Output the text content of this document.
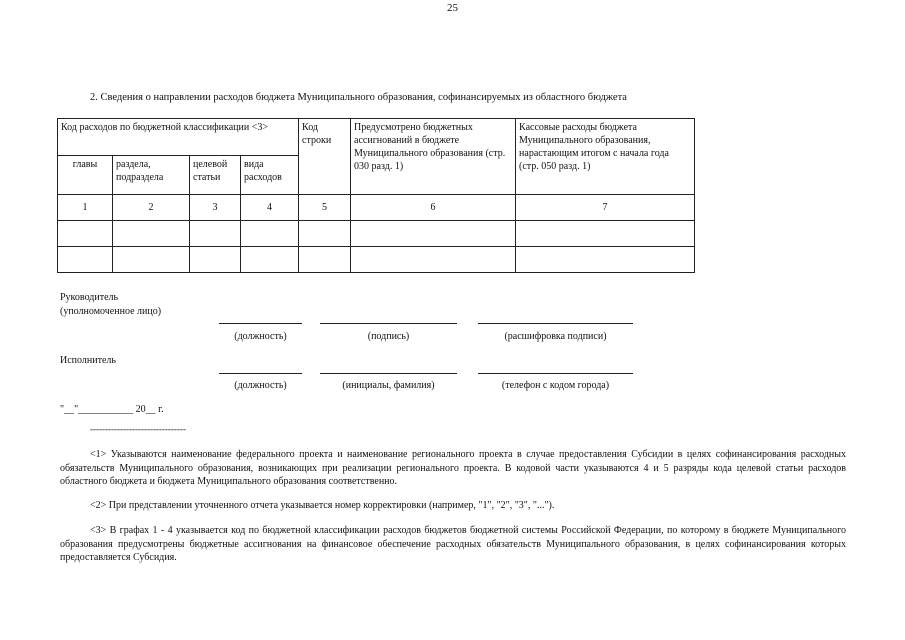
25
2. Сведения о направлении расходов бюджета Муниципального образования, софинансируемых из областного бюджета
Код расходов по бюджетной классификации <3>				Код строки	Предусмотрено бюджетных ассигнований в бюджете Муниципального образования (стр. 030 разд. 1)	Кассовые расходы бюджета Муниципального образования, нарастающим итогом с начала года (стр. 050 разд. 1)
главы	раздела, подраздела	целевой статьи	вида расходов			
1	2	3	4	5	6	7

Руководитель
(уполномоченное лицо)
(должность)	(подпись)	(расшифровка подписи)
Исполнитель
(должность)	(инициалы, фамилия)	(телефон с кодом города)
"__"___________ 20__ г.
--------------------------------
<1> Указываются наименование федерального проекта и наименование регионального проекта в случае предоставления Субсидии в целях софинансирования расходных обязательств Муниципального образования, возникающих при реализации регионального проекта. В кодовой части указываются 4 и 5 разряды кода целевой статьи расходов областного бюджета и бюджета Муниципального образования соответственно.
<2> При представлении уточненного отчета указывается номер корректировки (например, "1", "2", "3", "...").
<3> В графах 1 - 4 указывается код по бюджетной классификации расходов бюджетов бюджетной системы Российской Федерации, по которому в бюджете Муниципального образования предусмотрены бюджетные ассигнования на финансовое обеспечение расходных обязательств Муниципального образования, в целях софинансирования которых предоставляется Субсидия.
